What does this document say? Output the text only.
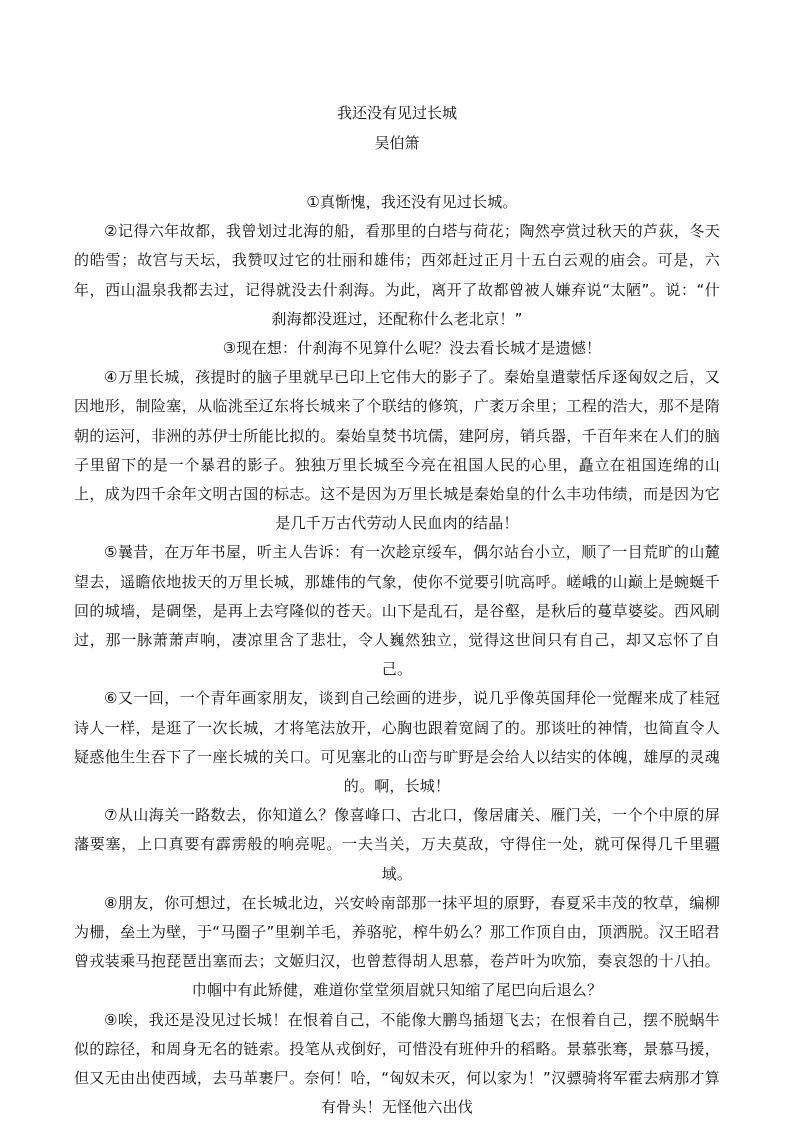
我还没有见过长城
吴伯箫

①真惭愧，我还没有见过长城。

②记得六年故都，我曾划过北海的船，看那里的白塔与荷花；陶然亭赏过秋天的芦荻，冬天的皓雪；故宫与天坛，我赞叹过它的壮丽和雄伟；西郊赶过正月十五白云观的庙会。可是，六年，西山温泉我都去过，记得就没去什刹海。为此，离开了故都曾被人嫌弃说“太陋”。说：“什刹海都没逛过，还配称什么老北京！”

③现在想：什刹海不见算什么呢？没去看长城才是遗憾！

④万里长城，孩提时的脑子里就早已印上它伟大的影子了。秦始皇遣蒙恬斥逐匈奴之后，又因地形，制险塞，从临洮至辽东将长城来了个联结的修筑，广袤万余里；工程的浩大，那不是隋朝的运河，非洲的苏伊士所能比拟的。秦始皇焚书坑儒，建阿房，销兵器，千百年来在人们的脑子里留下的是一个暴君的影子。独独万里长城至今亮在祖国人民的心里，矗立在祖国连绵的山上，成为四千余年文明古国的标志。这不是因为万里长城是秦始皇的什么丰功伟绩，而是因为它是几千万古代劳动人民血肉的结晶！

⑤曩昔，在万年书屋，听主人告诉：有一次趁京绥车，偶尔站台小立，顺了一目荒旷的山麓望去，遥瞻依地拔天的万里长城，那雄伟的气象，使你不觉要引吭高呼。嵯峨的山巅上是蜿蜒千回的城墙，是碉堡，是再上去穹隆似的苍天。山下是乱石，是谷壑，是秋后的蔓草婆娑。西风刷过，那一脉萧萧声响，凄凉里含了悲壮，令人巍然独立，觉得这世间只有自己，却又忘怀了自己。

⑥又一回，一个青年画家朋友，谈到自己绘画的进步，说几乎像英国拜伦一觉醒来成了桂冠诗人一样，是逛了一次长城，才将笔法放开，心胸也跟着宽阔了的。那谈吐的神情，也简直令人疑惑他生生吞下了一座长城的关口。可见塞北的山峦与旷野是会给人以结实的体魄，雄厚的灵魂的。啊，长城！

⑦从山海关一路数去，你知道么？像喜峰口、古北口，像居庸关、雁门关，一个个中原的屏藩要塞，上口真要有霹雳般的响亮呢。一夫当关，万夫莫敌，守得住一处，就可保得几千里疆域。

⑧朋友，你可想过，在长城北边，兴安岭南部那一抹平坦的原野，春夏采丰茂的牧草，编柳为栅，垒土为壁，于“马圈子”里剃羊毛，养骆驼，榨牛奶么？那工作顶自由，顶洒脱。汉王昭君曾戎装乘马抱琵琶出塞而去；文姬归汉，也曾惹得胡人思慕，卷芦叶为吹笳，奏哀怨的十八拍。巾帼中有此矫健，难道你堂堂须眉就只知缩了尾巴向后退么？

⑨唉，我还是没见过长城！在恨着自己，不能像大鹏鸟插翅飞去；在恨着自己，摆不脱蜗牛似的踪径，和周身无名的链索。投笔从戎倒好，可惜没有班仲升的稻略。景慕张骞，景慕马援，但又无由出使西域，去马革裹尸。奈何！哈，“匈奴未灭，何以家为！”汉骠骑将军霍去病那才算有骨头！无怪他六出伐
